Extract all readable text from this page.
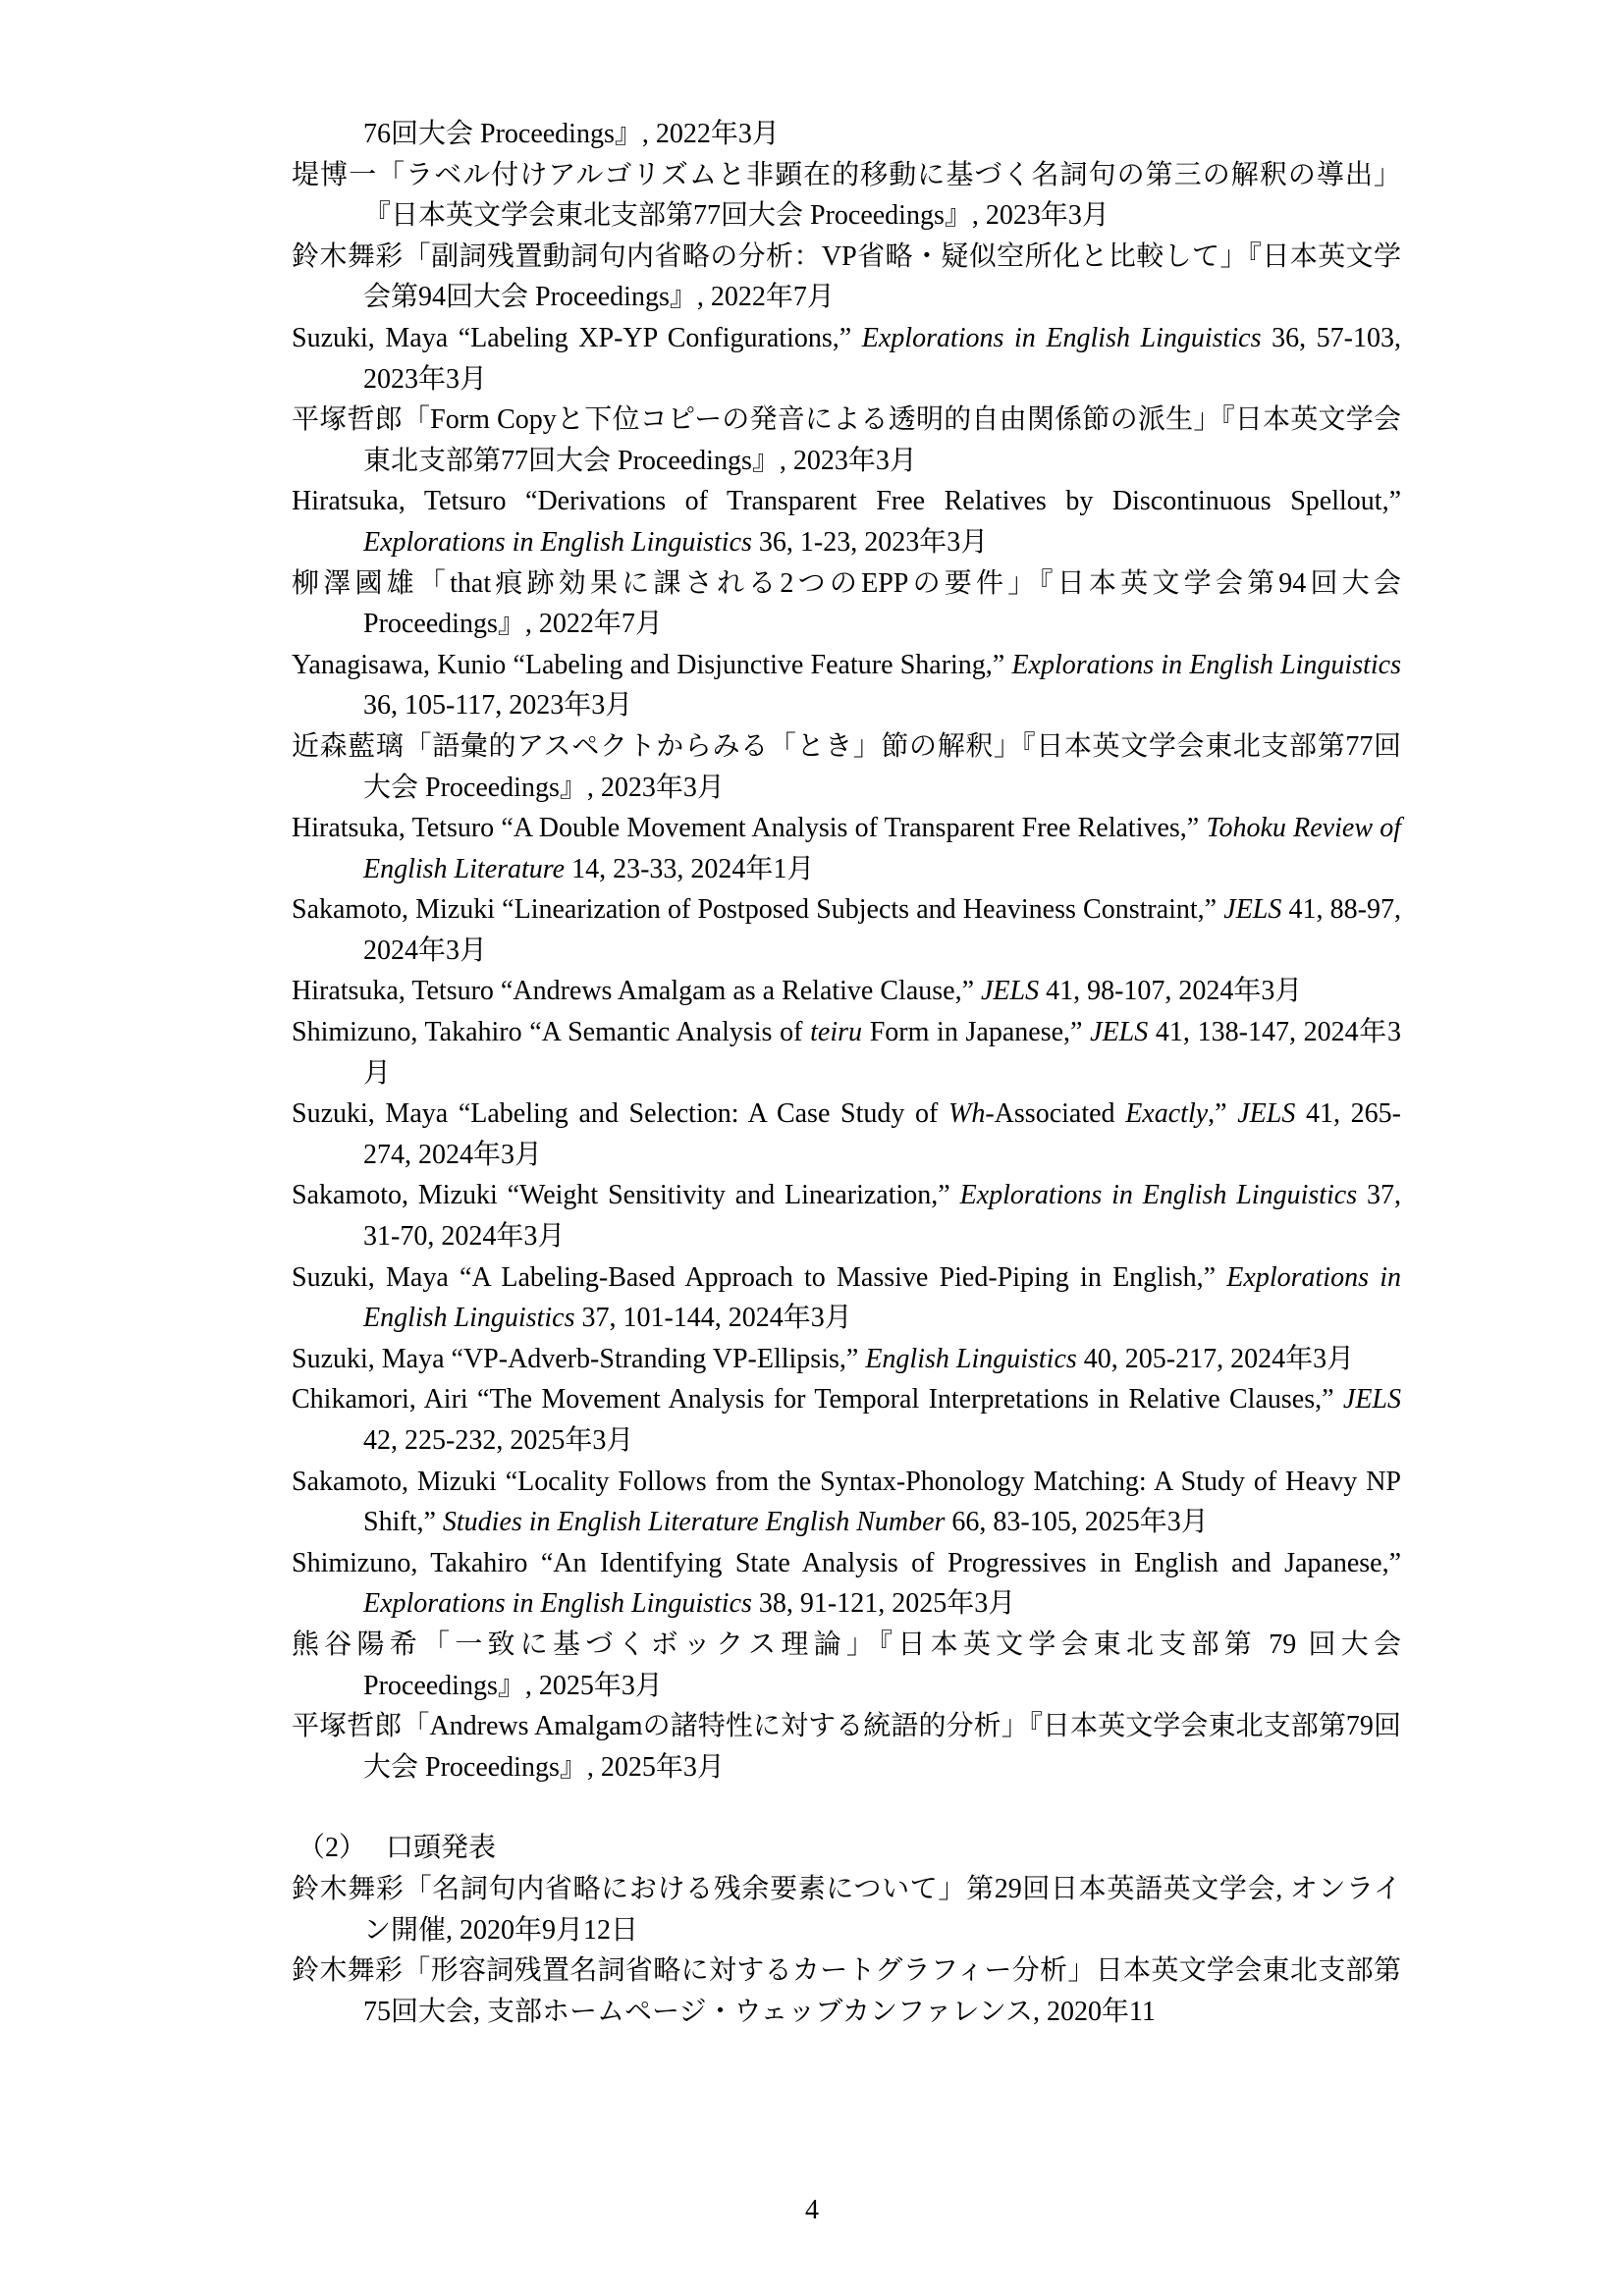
76回大会 Proceedings』, 2022年3月

堤博一「ラベル付けアルゴリズムと非顕在的移動に基づく名詞句の第三の解釈の導出」『日本英文学会東北支部第77回大会 Proceedings』, 2023年3月

鈴木舞彩「副詞残置動詞句内省略の分析：VP省略・疑似空所化と比較して」『日本英文学会第94回大会 Proceedings』, 2022年7月

Suzuki, Maya “Labeling XP-YP Configurations,” Explorations in English Linguistics 36, 57-103, 2023年3月

平塚哲郎「Form Copyと下位コピーの発音による透明的自由関係節の派生」『日本英文学会東北支部第77回大会 Proceedings』, 2023年3月

Hiratsuka, Tetsuro “Derivations of Transparent Free Relatives by Discontinuous Spellout,” Explorations in English Linguistics 36, 1-23, 2023年3月

柳澤國雄「that痕跡効果に課される2つのEPPの要件」『日本英文学会第94回大会 Proceedings』, 2022年7月

Yanagisawa, Kunio “Labeling and Disjunctive Feature Sharing,” Explorations in English Linguistics 36, 105-117, 2023年3月

近森藍璃「語彙的アスペクトからみる「とき」節の解釈」『日本英文学会東北支部第77回大会 Proceedings』, 2023年3月

Hiratsuka, Tetsuro “A Double Movement Analysis of Transparent Free Relatives,” Tohoku Review of English Literature 14, 23-33, 2024年1月

Sakamoto, Mizuki “Linearization of Postposed Subjects and Heaviness Constraint,” JELS 41, 88-97, 2024年3月

Hiratsuka, Tetsuro “Andrews Amalgam as a Relative Clause,” JELS 41, 98-107, 2024年3月

Shimizuno, Takahiro “A Semantic Analysis of teiru Form in Japanese,” JELS 41, 138-147, 2024年3月

Suzuki, Maya “Labeling and Selection: A Case Study of Wh-Associated Exactly,” JELS 41, 265-274, 2024年3月

Sakamoto, Mizuki “Weight Sensitivity and Linearization,” Explorations in English Linguistics 37, 31-70, 2024年3月

Suzuki, Maya “A Labeling-Based Approach to Massive Pied-Piping in English,” Explorations in English Linguistics 37, 101-144, 2024年3月

Suzuki, Maya “VP-Adverb-Stranding VP-Ellipsis,” English Linguistics 40, 205-217, 2024年3月

Chikamori, Airi “The Movement Analysis for Temporal Interpretations in Relative Clauses,” JELS 42, 225-232, 2025年3月

Sakamoto, Mizuki “Locality Follows from the Syntax-Phonology Matching: A Study of Heavy NP Shift,” Studies in English Literature English Number 66, 83-105, 2025年3月

Shimizuno, Takahiro “An Identifying State Analysis of Progressives in English and Japanese,” Explorations in English Linguistics 38, 91-121, 2025年3月

熊谷陽希「一致に基づくボックス理論」『日本英文学会東北支部第 79 回大会 Proceedings』, 2025年3月

平塚哲郎「Andrews Amalgamの諸特性に対する統語的分析」『日本英文学会東北支部第79回大会 Proceedings』, 2025年3月

（2） 口頭発表

鈴木舞彩「名詞句内省略における残余要素について」第29回日本英語英文学会, オンライン開催, 2020年9月12日

鈴木舞彩「形容詞残置名詞省略に対するカートグラフィー分析」日本英文学会東北支部第75回大会, 支部ホームページ・ウェッブカンファレンス, 2020年11

4
